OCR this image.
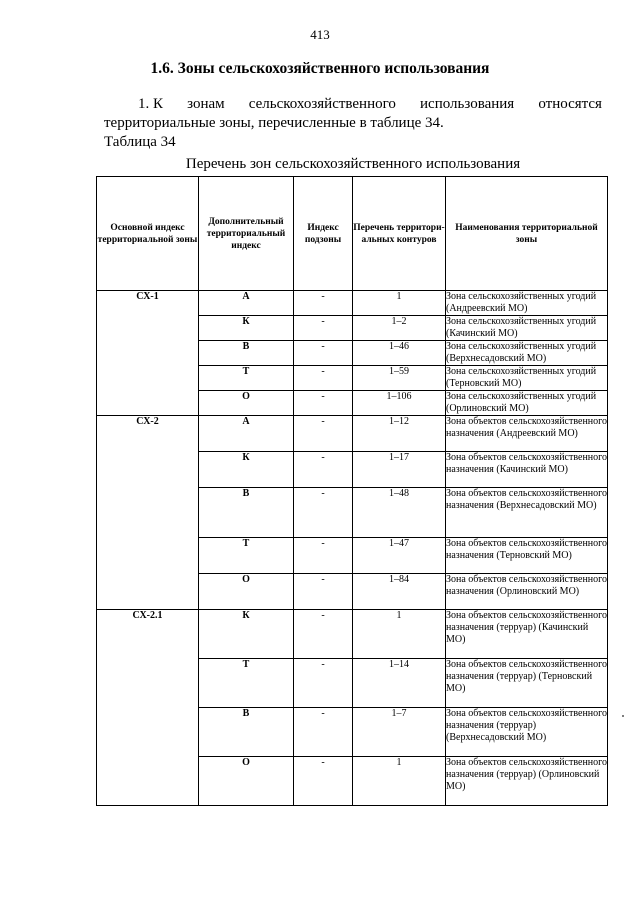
413
1.6. Зоны сельскохозяйственного использования
1. К зонам сельскохозяйственного использования относятся
территориальные зоны, перечисленные в таблице 34.
Таблица 34
Перечень зон сельскохозяйственного использования
Основной индекс территориальной зоны	Дополнительный территориальный индекс	Индекс подзоны	Перечень территори-альных контуров	Наименования территориальной зоны
СХ-1	А	-	1	Зона сельскохозяйственных угодий (Андреевский МО)
	К	-	1–2	Зона сельскохозяйственных угодий (Качинский МО)
	В	-	1–46	Зона сельскохозяйственных угодий (Верхнесадовский МО)
	Т	-	1–59	Зона сельскохозяйственных угодий (Терновский МО)
	О	-	1–106	Зона сельскохозяйственных угодий (Орлиновский МО)
СХ-2	А	-	1–12	Зона объектов сельскохозяйственного назначения (Андреевский МО)
	К	-	1–17	Зона объектов сельскохозяйственного назначения (Качинский МО)
	В	-	1–48	Зона объектов сельскохозяйственного назначения (Верхнесадовский МО)
	Т	-	1–47	Зона объектов сельскохозяйственного назначения (Терновский МО)
	О	-	1–84	Зона объектов сельскохозяйственного назначения (Орлиновский МО)
СХ-2.1	К	-	1	Зона объектов сельскохозяйственного назначения (терруар) (Качинский МО)
	Т	-	1–14	Зона объектов сельскохозяйственного назначения (терруар) (Терновский МО)
	В	-	1–7	Зона объектов сельскохозяйственного назначения (терруар) (Верхнесадовский МО)
	О	-	1	Зона объектов сельскохозяйственного назначения (терруар) (Орлиновский МО)
